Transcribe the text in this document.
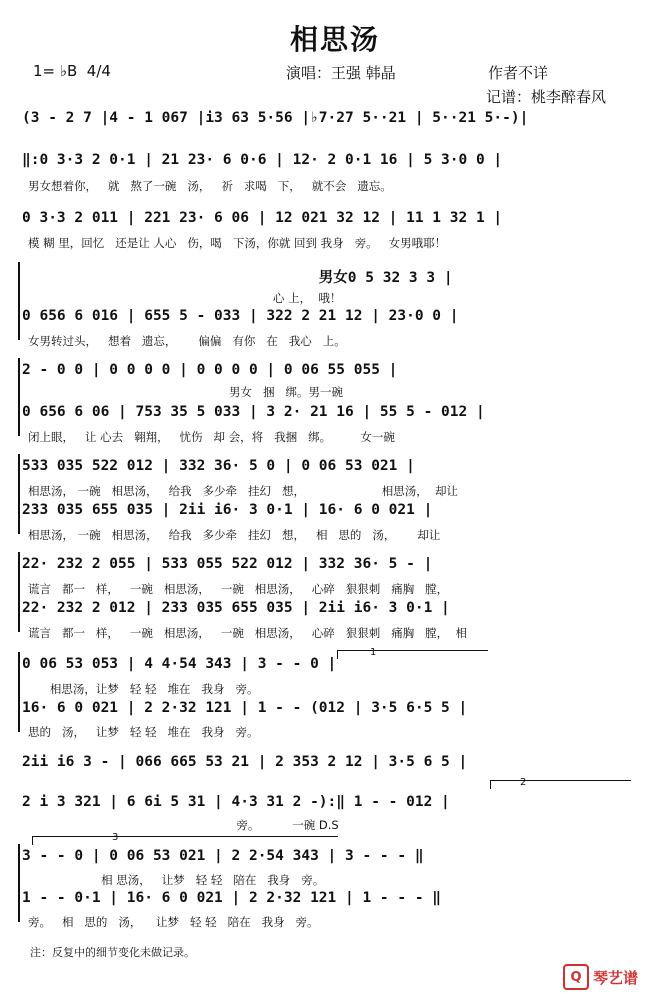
相思汤
1= ♭B  4/4	演唱：王强 韩晶	作者不详
记谱：桃李醉春风
(3 - 2 7 |4 - 1 067 |i3 63 5·56 |♭7·27 5··21 | 5··21 5·-)|
‖:0 3·3 2 0·1 | 21 23· 6 0·6 | 12· 2 0·1 16 | 5 3·0 0 |
男女想着你，   就   熬了一碗   汤，   祈   求喝   下，   就不会   遗忘。
0 3·3 2 011 | 221 23· 6 06 | 12 021 32 12 | 11 1 32 1 |
模 糊 里，回忆   还是让 人心   伤，喝   下汤，你就 回到 我身   旁。   女男哦耶！
男女0 5 32 3 3 |
心 上，  哦！
0 656 6 016 | 655 5 - 033 | 322 2 21 12 | 23·0 0 |
女男转过头，   想着   遗忘，      偏偏   有你   在   我心   上。
2 - 0 0 | 0 0 0 0 | 0 0 0 0 | 0 06 55 055 |
男女   捆   绑。男一碗
0 656 6 06 | 753 35 5 033 | 3 2· 21 16 | 55 5 - 012 |
闭上眼，   让 心去   翱翔，   忧伤   却 会，将   我捆   绑。        女一碗
533 035 522 012 | 332 36· 5 0 | 0 06 53 021 |
相思汤， 一碗   相思汤，   给我   多少牵   挂幻   想，                     相思汤，  却让
233 035 655 035 | 2ii i6· 3 0·1 | 16· 6 0 021 |
相思汤， 一碗   相思汤，   给我   多少牵   挂幻   想，   相   思的   汤，      却让
22· 232 2 055 | 533 055 522 012 | 332 36· 5 - |
谎言   都一   样，   一碗   相思汤，   一碗   相思汤，   心碎   狠狠刺   痛胸   膛，
22· 232 2 012 | 233 035 655 035 | 2ii i6· 3 0·1 |
谎言   都一   样，   一碗   相思汤，   一碗   相思汤，   心碎   狠狠刺   痛胸   膛，  相
1
0 06 53 053 | 4 4·54 343 | 3 - - 0 |
相思汤，让梦   轻 轻   堆在   我身   旁。
16· 6 0 021 | 2 2·32 121 | 1 - - (012 | 3·5 6·5 5 |
思的   汤，   让梦   轻 轻   堆在   我身   旁。
2ii i6 3 - | 066 665 53 21 | 2 353 2 12 | 3·5 6 5 |
2
2 i 3 321 | 6 6i 5 31 | 4·3 31 2 -):‖ 1 - - 012 |
旁。         一碗 D.S
3
3 - - 0 | 0 06 53 021 | 2 2·54 343 | 3 - - - ‖
相 思汤，   让梦   轻 轻   陪在   我身   旁。
1 - - 0·1 | 16· 6 0 021 | 2 2·32 121 | 1 - - - ‖
旁。   相   思的   汤，    让梦   轻 轻   陪在   我身   旁。
注：反复中的细节变化未做记录。
Q 琴艺谱
